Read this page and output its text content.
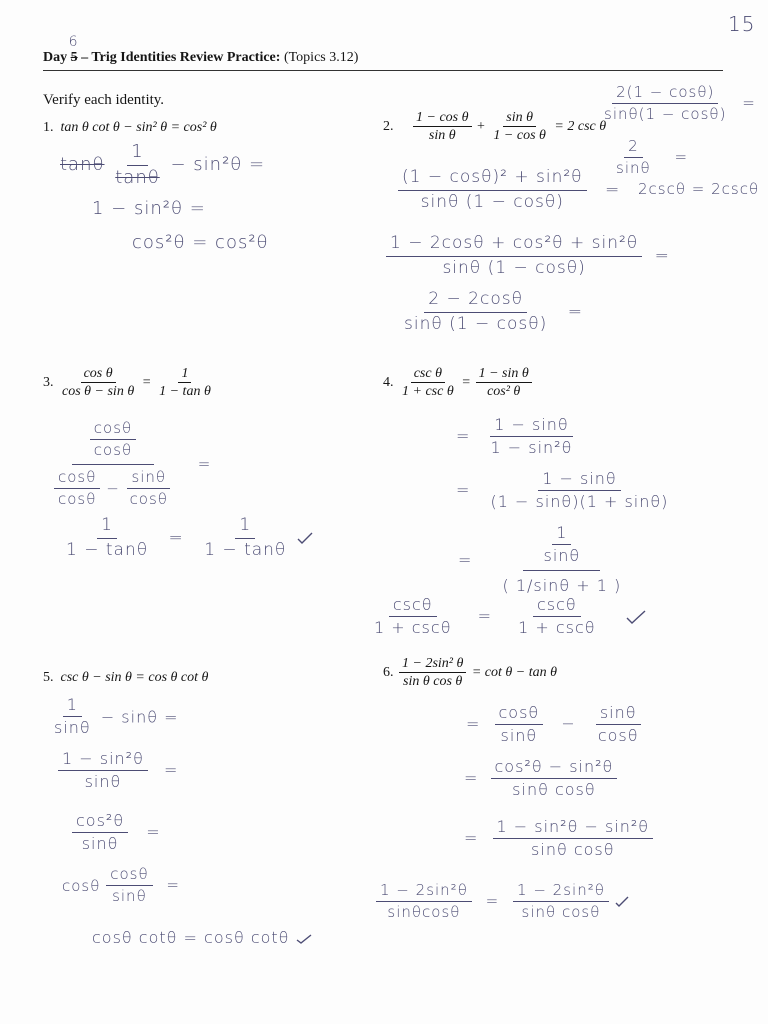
15
Day 5
6
– Trig Identities Review Practice: (Topics 3.12)
Verify each identity.
1. tan θ cot θ − sin² θ = cos² θ
tanθ $\frac{1}{\tan\theta} - \sin^2\theta$ =
1 − sin²θ =
cos²θ = cos²θ
2. $\frac{\text{1 − cos θ}}{\text{sin θ}} + \frac{\text{sin θ}}{\text{1 − cos θ}} = 2$ csc θ
$\frac{\text{(1 − cosθ)² + sin²θ}}{\sin\theta (1 - \cos\theta)}$ =
$\frac{\text{1 − 2cosθ + cos²θ + sin²θ}}{\sin\theta (1 - \cos\theta)}$ =
$\frac{2 - 2\cos\theta}{\sin\theta (1 - \cos\theta)}$ =
$\frac{2(1 - \cos\theta)}{\sin\theta(1 - \cos\theta)}$ =
$\frac{2}{\sin\theta}$ =
2cscθ = 2cscθ
3. $\frac{\text{cos θ}}{\text{cos θ − sin θ}} = \frac{1}{\text{1 − tan θ}}$
$\frac{\cos\theta}{\cos\theta}$
$\frac{\cos\theta}{\cos\theta} - \frac{\sin\theta}{\cos\theta}$
=
$\frac{1}{1 - \tan\theta} = \frac{1}{1 - \tan\theta}$

4. $\frac{\text{csc θ}}{\text{1 + csc θ}} = \frac{\text{1 − sin θ}}{\text{cos² θ}}$
= $\frac{1 - \sin\theta}{\text{1 − sin²θ}}$
= $\frac{1 - \sin\theta}{(1 - \sin\theta)(1 + \sin\theta)}$
= $\frac{\frac{1}{\sin\theta}}{( 1/\sin\theta + 1 )}$
$\frac{\csc\theta}{1 + \csc\theta} = \frac{\csc\theta}{1 + \csc\theta}$

5. csc θ − sin θ = cos θ cot θ
$\frac{1}{\sin\theta} - \sin\theta$ =
$\frac{\text{1 − sin²θ}}{\sin\theta}$ =
$\frac{\text{cos²θ}}{\sin\theta}$ =
cosθ $\frac{\cos\theta}{\sin\theta}$ =
cosθ cotθ = cosθ cotθ
6. $\frac{\text{1 − 2sin² θ}}{\text{sin θ cos θ}} = \cot \theta - \tan \theta$
= $\frac{\cos\theta}{\sin\theta} - \frac{\sin\theta}{\cos\theta}$
= $\frac{\text{cos²θ − sin²θ}}{\text{sinθ cosθ}}$
= $\frac{\text{1 − sin²θ − sin²θ}}{\text{sinθ cosθ}}$
$\frac{\text{1 − 2sin²θ}}{\sin\theta\cos\theta} = \frac{\text{1 − 2sin²θ}}{\text{sinθ cosθ}}$
